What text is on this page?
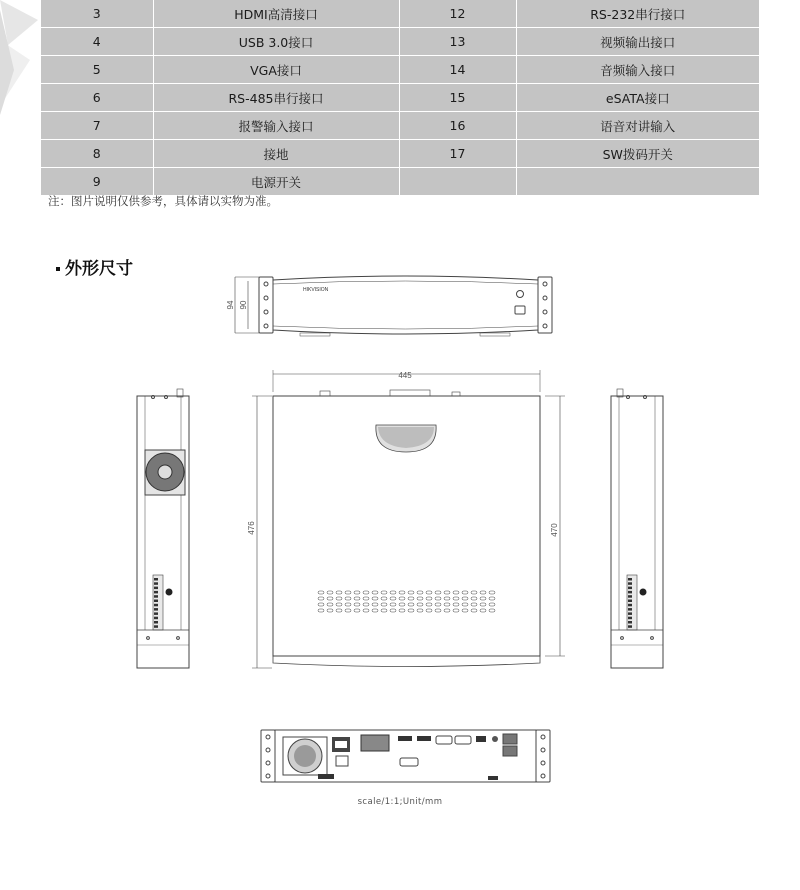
3	HDMI高清接口	12	RS-232串行接口
4	USB 3.0接口	13	视频输出接口
5	VGA接口	14	音频输入接口
6	RS-485串行接口	15	eSATA接口
7	报警输入接口	16	语音对讲输入
8	接地	17	SW拨码开关
9	电源开关		
注：图片说明仅供参考，具体请以实物为准。
外形尺寸
94 90
HIKVISION
445
476	470
scale/1:1;Unit/mm
